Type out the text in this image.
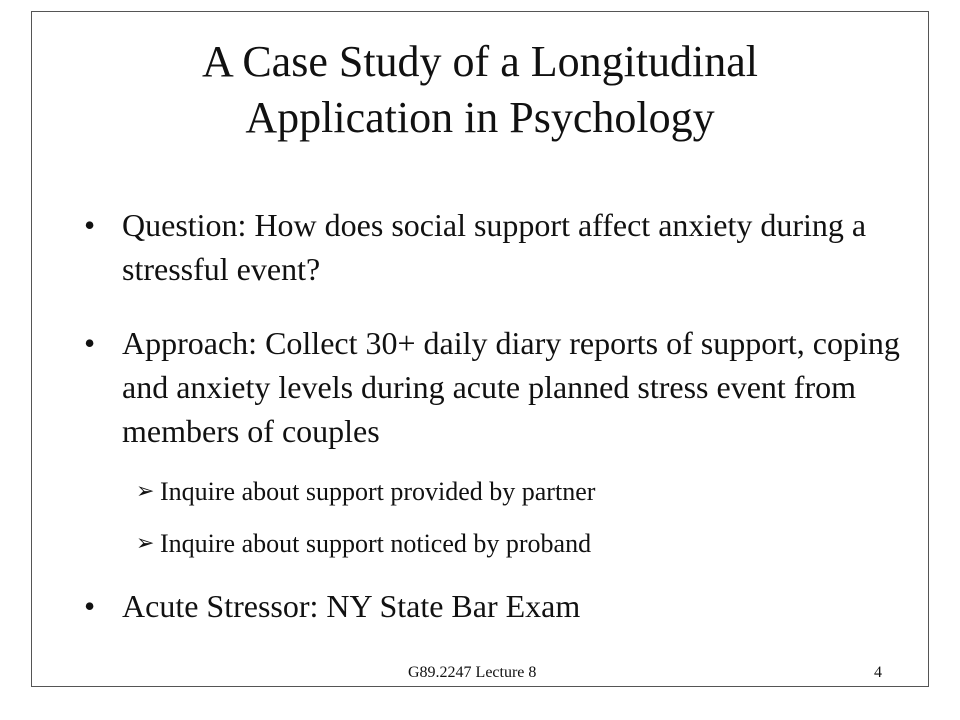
A Case Study of a Longitudinal
Application in Psychology
• Question: How does social support affect anxiety during a stressful event?
• Approach: Collect 30+ daily diary reports of support, coping and anxiety levels during acute planned stress event from members of couples
➢ Inquire about support provided by partner
➢ Inquire about support noticed by proband
• Acute Stressor: NY State Bar Exam
G89.2247 Lecture 8	4
